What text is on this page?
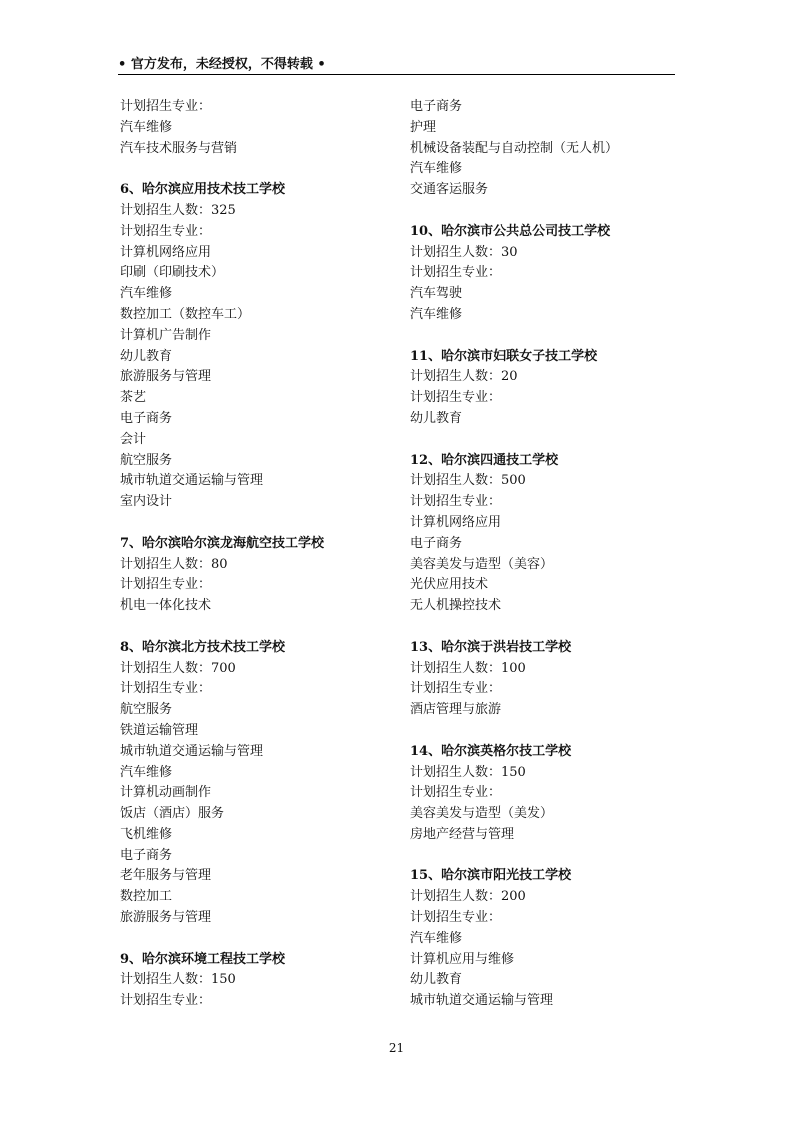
• 官方发布，未经授权，不得转载 •
计划招生专业：
汽车维修
汽车技术服务与营销
6、哈尔滨应用技术技工学校
计划招生人数：325
计划招生专业：
计算机网络应用
印刷（印刷技术）
汽车维修
数控加工（数控车工）
计算机广告制作
幼儿教育
旅游服务与管理
茶艺
电子商务
会计
航空服务
城市轨道交通运输与管理
室内设计
7、哈尔滨哈尔滨龙海航空技工学校
计划招生人数：80
计划招生专业：
机电一体化技术
8、哈尔滨北方技术技工学校
计划招生人数：700
计划招生专业：
航空服务
铁道运输管理
城市轨道交通运输与管理
汽车维修
计算机动画制作
饭店（酒店）服务
飞机维修
电子商务
老年服务与管理
数控加工
旅游服务与管理
9、哈尔滨环境工程技工学校
计划招生人数：150
计划招生专业：
电子商务
护理
机械设备装配与自动控制（无人机）
汽车维修
交通客运服务
10、哈尔滨市公共总公司技工学校
计划招生人数：30
计划招生专业：
汽车驾驶
汽车维修
11、哈尔滨市妇联女子技工学校
计划招生人数：20
计划招生专业：
幼儿教育
12、哈尔滨四通技工学校
计划招生人数：500
计划招生专业：
计算机网络应用
电子商务
美容美发与造型（美容）
光伏应用技术
无人机操控技术
13、哈尔滨于洪岩技工学校
计划招生人数：100
计划招生专业：
酒店管理与旅游
14、哈尔滨英格尔技工学校
计划招生人数：150
计划招生专业：
美容美发与造型（美发）
房地产经营与管理
15、哈尔滨市阳光技工学校
计划招生人数：200
计划招生专业：
汽车维修
计算机应用与维修
幼儿教育
城市轨道交通运输与管理
21
